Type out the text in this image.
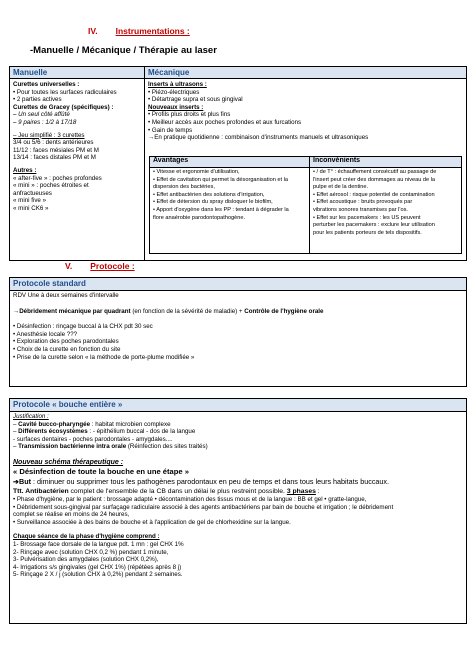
IV. Instrumentations :
-Manuelle / Mécanique / Thérapie au laser
Manuelle	Mécanique
Curettes universelles :
• Pour toutes les surfaces radiculaires
• 2 parties actives
Curettes de Gracey (spécifiques) :
– Un seul côté affûté
– 9 paires : 1/2 à 17/18
– Jeu simplifié : 3 curettes
3/4 ou 5/6 : dents antérieures
11/12 : faces mésiales PM et M
13/14 : faces distales PM et M
Autres :
« after-five » : poches profondes
« mini » : poches étroites et
anfractueuses
« mini five »
« mini CK6 »
Inserts à ultrasons :
• Piézo-électriques
• Détartrage supra et sous gingival
Nouveaux inserts :
• Profils plus droits et plus fins
• Meilleur accès aux poches profondes et aux furcations
• Gain de temps
→En pratique quotidienne : combinaison d'instruments manuels et ultrasoniques
Avantages	Inconvénients
• Vitesse et ergonomie d'utilisation,
• Effet de cavitation qui permet la désorganisation et la
dispersion des bactéries,
• Effet antibactérien des solutions d'irrigation,
• Effet de détersion du spray disloquer le biofilm,
• Apport d'oxygène dans les PP : tendant à dégrader la
flore anaérobie parodontopathogène.
• / de T° : échauffement consécutif au passage de
l'insert peut créer des dommages au niveau de la
pulpe et de la dentine.
• Effet aérosol : risque potentiel de contamination
• Effet acoustique : bruits provoqués par
vibrations sonores transmises par l'os.
• Effet sur les pacemakers : les US peuvent
perturber les pacemakers : exclure leur utilisation
pour les patients porteurs de tels dispositifs.
V. Protocole :
Protocole standard
RDV Une à deux semaines d'intervalle
→Débridement mécanique par quadrant (en fonction de la sévérité de maladie) + Contrôle de l'hygiène orale
• Désinfection : rinçage buccal à la CHX pdt 30 sec
• Anesthésie locale ???
• Exploration des poches parodontales
• Choix de la curette en fonction du site
• Prise de la curette selon « la méthode de porte-plume modifiée »
Protocole « bouche entière »
Justification :
– Cavité bucco-pharyngée : habitat microbien complexe
– Différents écosystèmes : - épithélium buccal - dos de la langue
- surfaces dentaires - poches parodontales - amygdales....
– Transmission bactérienne intra orale (Réinfection des sites traités)
Nouveau schéma thérapeutique :
« Désinfection de toute la bouche en une étape »
➔But : diminuer ou supprimer tous les pathogènes parodontaux en peu de temps et dans tous leurs habitats buccaux.
Ttt. Antibactérien complet de l'ensemble de la CB dans un délai le plus restreint possible. 3 phases :
• Phase d'hygiène, par le patient : brossage adapté • décontamination des tissus mous et de la langue : BB et gel • gratte-langue,
• Débridement sous-gingival par surfaçage radiculaire associé à des agents antibactériens par bain de bouche et irrigation ; le débridement
complet se réalise en moins de 24 heures,
• Surveillance associée à des bains de bouche et à l'application de gel de chlorhexidine sur la langue.
Chaque séance de la phase d'hygiène comprend :
1- Brossage face dorsale de la langue pdt. 1 mn : gel CHX 1%
2- Rinçage avec (solution CHX 0,2 %) pendant 1 minute,
3- Pulvérisation des amygdales (solution CHX 0,2%),
4- Irrigations s/s gingivales (gel CHX 1%) (répétées après 8 j)
5- Rinçage 2 X / j (solution CHX à 0,2%) pendant 2 semaines.
